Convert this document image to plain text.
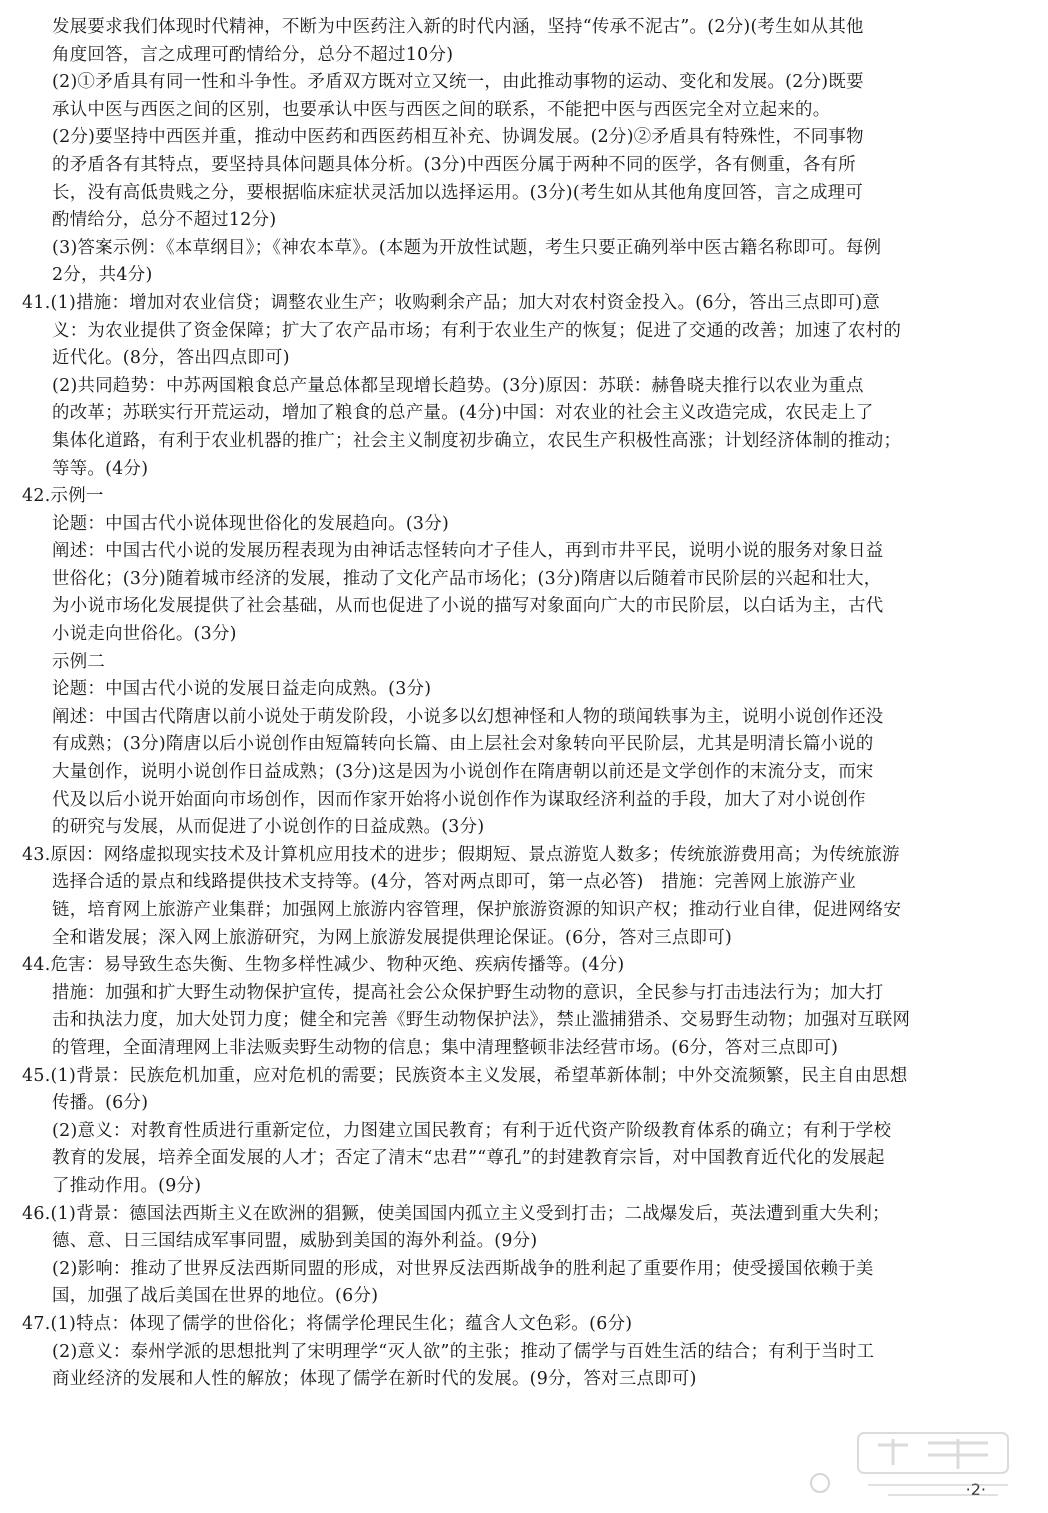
发展要求我们体现时代精神，不断为中医药注入新的时代内涵，坚持“传承不泥古”。(2分)(考生如从其他
角度回答，言之成理可酌情给分，总分不超过10分)
(2)①矛盾具有同一性和斗争性。矛盾双方既对立又统一，由此推动事物的运动、变化和发展。(2分)既要
承认中医与西医之间的区别，也要承认中医与西医之间的联系，不能把中医与西医完全对立起来的。
(2分)要坚持中西医并重，推动中医药和西医药相互补充、协调发展。(2分)②矛盾具有特殊性，不同事物
的矛盾各有其特点，要坚持具体问题具体分析。(3分)中西医分属于两种不同的医学，各有侧重，各有所
长，没有高低贵贱之分，要根据临床症状灵活加以选择运用。(3分)(考生如从其他角度回答，言之成理可
酌情给分，总分不超过12分)
(3)答案示例：《本草纲目》；《神农本草》。(本题为开放性试题，考生只要正确列举中医古籍名称即可。每例
2分，共4分)
41.(1)措施：增加对农业信贷；调整农业生产；收购剩余产品；加大对农村资金投入。(6分，答出三点即可)意
义：为农业提供了资金保障；扩大了农产品市场；有利于农业生产的恢复；促进了交通的改善；加速了农村的
近代化。(8分，答出四点即可)
(2)共同趋势：中苏两国粮食总产量总体都呈现增长趋势。(3分)原因：苏联：赫鲁晓夫推行以农业为重点
的改革；苏联实行开荒运动，增加了粮食的总产量。(4分)中国：对农业的社会主义改造完成，农民走上了
集体化道路，有利于农业机器的推广；社会主义制度初步确立，农民生产积极性高涨；计划经济体制的推动；
等等。(4分)
42.示例一
论题：中国古代小说体现世俗化的发展趋向。(3分)
阐述：中国古代小说的发展历程表现为由神话志怪转向才子佳人，再到市井平民，说明小说的服务对象日益
世俗化；(3分)随着城市经济的发展，推动了文化产品市场化；(3分)隋唐以后随着市民阶层的兴起和壮大，
为小说市场化发展提供了社会基础，从而也促进了小说的描写对象面向广大的市民阶层，以白话为主，古代
小说走向世俗化。(3分)
示例二
论题：中国古代小说的发展日益走向成熟。(3分)
阐述：中国古代隋唐以前小说处于萌发阶段，小说多以幻想神怪和人物的琐闻轶事为主，说明小说创作还没
有成熟；(3分)隋唐以后小说创作由短篇转向长篇、由上层社会对象转向平民阶层，尤其是明清长篇小说的
大量创作，说明小说创作日益成熟；(3分)这是因为小说创作在隋唐朝以前还是文学创作的末流分支，而宋
代及以后小说开始面向市场创作，因而作家开始将小说创作作为谋取经济利益的手段，加大了对小说创作
的研究与发展，从而促进了小说创作的日益成熟。(3分)
43.原因：网络虚拟现实技术及计算机应用技术的进步；假期短、景点游览人数多；传统旅游费用高；为传统旅游
选择合适的景点和线路提供技术支持等。(4分，答对两点即可，第一点必答)　措施：完善网上旅游产业
链，培育网上旅游产业集群；加强网上旅游内容管理，保护旅游资源的知识产权；推动行业自律，促进网络安
全和谐发展；深入网上旅游研究，为网上旅游发展提供理论保证。(6分，答对三点即可)
44.危害：易导致生态失衡、生物多样性减少、物种灭绝、疾病传播等。(4分)
措施：加强和扩大野生动物保护宣传，提高社会公众保护野生动物的意识，全民参与打击违法行为；加大打
击和执法力度，加大处罚力度；健全和完善《野生动物保护法》，禁止滥捕猎杀、交易野生动物；加强对互联网
的管理，全面清理网上非法贩卖野生动物的信息；集中清理整顿非法经营市场。(6分，答对三点即可)
45.(1)背景：民族危机加重，应对危机的需要；民族资本主义发展，希望革新体制；中外交流频繁，民主自由思想
传播。(6分)
(2)意义：对教育性质进行重新定位，力图建立国民教育；有利于近代资产阶级教育体系的确立；有利于学校
教育的发展，培养全面发展的人才；否定了清末“忠君”“尊孔”的封建教育宗旨，对中国教育近代化的发展起
了推动作用。(9分)
46.(1)背景：德国法西斯主义在欧洲的猖獗，使美国国内孤立主义受到打击；二战爆发后，英法遭到重大失利；
德、意、日三国结成军事同盟，威胁到美国的海外利益。(9分)
(2)影响：推动了世界反法西斯同盟的形成，对世界反法西斯战争的胜利起了重要作用；使受援国依赖于美
国，加强了战后美国在世界的地位。(6分)
47.(1)特点：体现了儒学的世俗化；将儒学伦理民生化；蕴含人文色彩。(6分)
(2)意义：泰州学派的思想批判了宋明理学“灭人欲”的主张；推动了儒学与百姓生活的结合；有利于当时工
商业经济的发展和人性的解放；体现了儒学在新时代的发展。(9分，答对三点即可)
·2·
